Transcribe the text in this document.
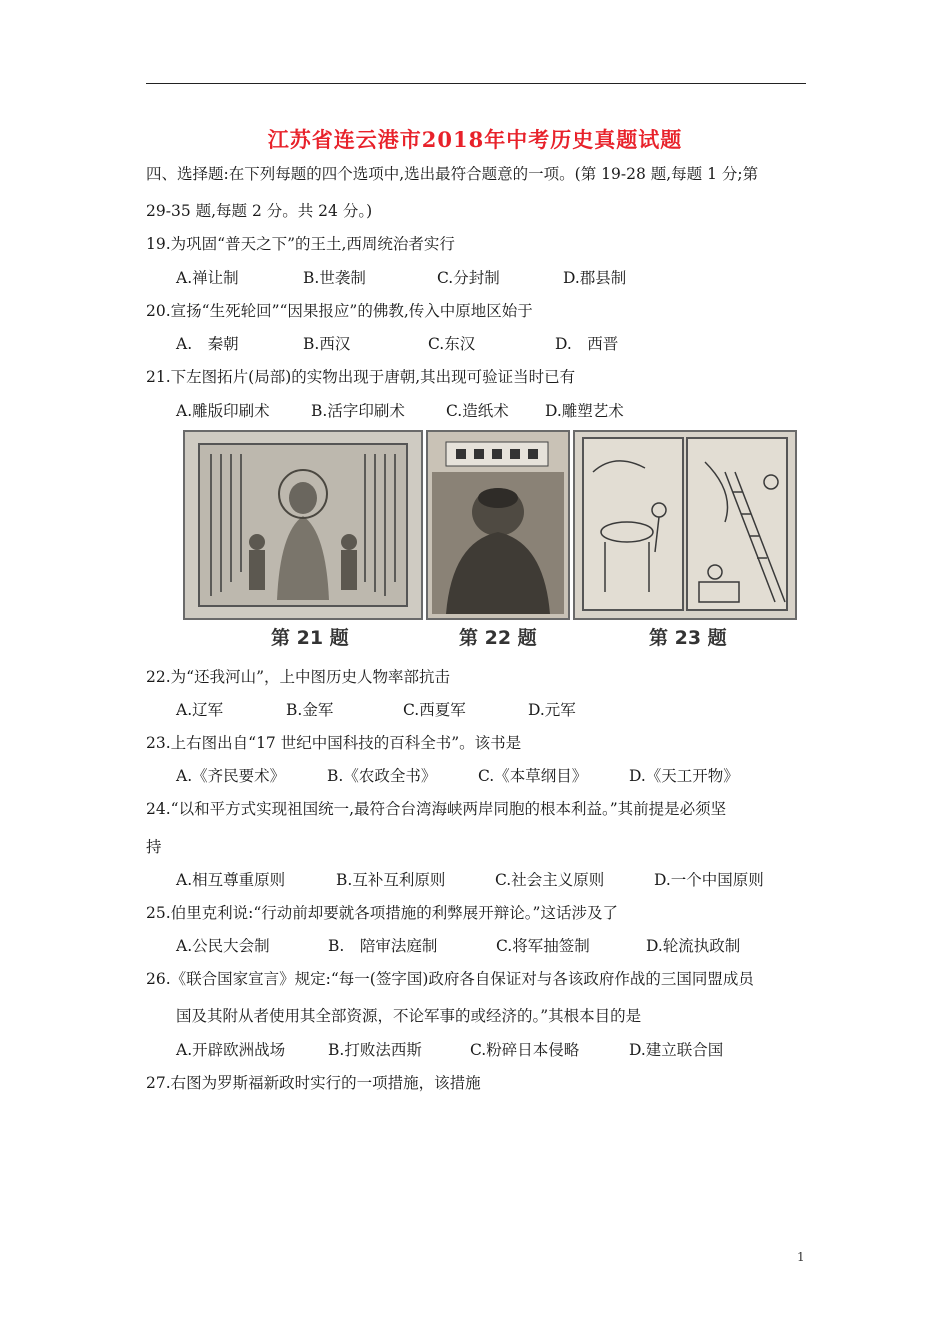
江苏省连云港市2018年中考历史真题试题
四、选择题:在下列每题的四个选项中,选出最符合题意的一项。(第 19-28 题,每题 1 分;第
29-35 题,每题 2 分。共 24 分。)
19.为巩固“普天之下”的王土,西周统治者实行
A.禅让制	B.世袭制	C.分封制	D.郡县制
20.宣扬“生死轮回”“因果报应”的佛教,传入中原地区始于
A.　秦朝	B.西汉	C.东汉	D.　西晋
21.下左图拓片(局部)的实物出现于唐朝,其出现可验证当时已有
A.雕版印刷术	B.活字印刷术	C.造纸术 D.雕塑艺术
第 21 题	第 22 题	第 23 题
22.为“还我河山”，上中图历史人物率部抗击
A.辽军	B.金军	C.西夏军	D.元军
23.上右图出自“17 世纪中国科技的百科全书”。该书是
A.《齐民要术》	B.《农政全书》	C.《本草纲目》	D.《天工开物》
24.“以和平方式实现祖国统一,最符合台湾海峡两岸同胞的根本利益。”其前提是必须坚
持
A.相互尊重原则	B.互补互利原则	C.社会主义原则	D.一个中国原则
25.伯里克利说:“行动前却要就各项措施的利弊展开辩论。”这话涉及了
A.公民大会制	B.　陪审法庭制	C.将军抽签制	D.轮流执政制
26.《联合国家宣言》规定:“每一(签字国)政府各自保证对与各该政府作战的三国同盟成员
国及其附从者使用其全部资源，不论军事的或经济的。”其根本目的是
A.开辟欧洲战场	B.打败法西斯	C.粉碎日本侵略	D.建立联合国
27.右图为罗斯福新政时实行的一项措施，该措施
1
